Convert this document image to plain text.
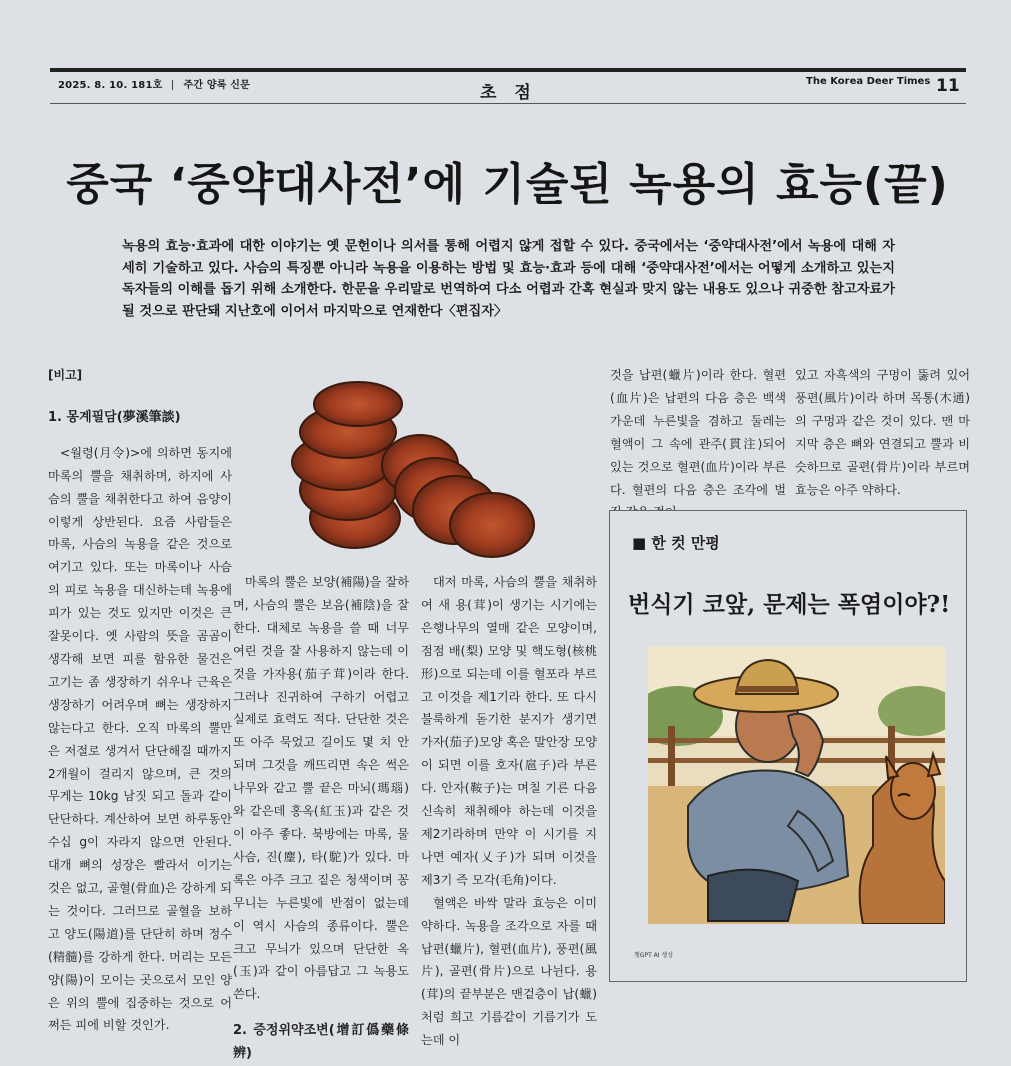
2025. 8. 10. 181호 주간 양록 신문	초 점
The Korea Deer Times 11
중국 ‘중약대사전’에 기술된 녹용의 효능(끝)
녹용의 효능·효과에 대한 이야기는 옛 문헌이나 의서를 통해 어렵지 않게 접할 수 있다. 중국에서는 ‘중약대사전’에서 녹용에 대해 자세히 기술하고 있다. 사슴의 특징뿐 아니라 녹용을 이용하는 방법 및 효능·효과 등에 대해 ‘중약대사전’에서는 어떻게 소개하고 있는지 독자들의 이해를 돕기 위해 소개한다. 한문을 우리말로 번역하여 다소 어렵과 간혹 현실과 맞지 않는 내용도 있으나 귀중한 참고자료가 될 것으로 판단돼 지난호에 이어서 마지막으로 연재한다〈편집자〉
[비고]
1. 몽계필담(夢溪筆談)

<월령(月令)>에 의하면 동지에 마록의 뿔을 채취하며, 하지에 사슴의 뿔을 채취한다고 하여 음양이 이렇게 상반된다. 요즘 사람들은 마록, 사슴의 녹용을 같은 것으로 여기고 있다. 또는 마록이나 사슴의 피로 녹용을 대신하는데 녹용에 피가 있는 것도 있지만 이것은 큰 잘못이다. 옛 사람의 뜻을 곰곰이 생각해 보면 피를 함유한 물건은 고기는 좀 생장하기 쉬우나 근육은 생장하기 어려우며 뼈는 생장하지 않는다고 한다. 오직 마록의 뿔만은 저절로 생겨서 단단해질 때까지 2개월이 걸리지 않으며, 큰 것의 무게는 10kg 남짓 되고 돌과 같이 단단하다. 계산하여 보면 하루동안 수십 g이 자라지 않으면 안된다. 대개 뼈의 성장은 빨라서 이기는 것은 없고, 골혈(骨血)은 강하게 되는 것이다. 그러므로 골혈을 보하고 양도(陽道)를 단단히 하며 정수(精髓)를 강하게 한다. 머리는 모든 양(陽)이 모이는 곳으로서 모인 양은 위의 뿔에 집중하는 것으로 어쩌든 피에 비할 것인가.

마록의 뿔은 보양(補陽)을 잘하며, 사슴의 뿔은 보음(補陰)을 잘한다. 대체로 녹용을 쓸 때 너무 여린 것을 잘 사용하지 않는데 이것을 가자용(茄子茸)이라 한다. 그러나 진귀하여 구하기 어렵고 실제로 효력도 적다. 단단한 것은 또 아주 묵었고 길이도 몇 치 안되며 그것을 깨뜨리면 속은 썩은 나무와 같고 뿔 끝은 마뇌(瑪瑙)와 같은데 홍옥(紅玉)과 같은 것이 아주 좋다. 북방에는 마록, 물사슴, 진(麈), 타(駝)가 있다. 마록은 아주 크고 짙은 청색이며 꽁무니는 누른빛에 반점이 없는데 이 역시 사슴의 종류이다. 뿔은 크고 무늬가 있으며 단단한 옥(玉)과 같이 아름답고 그 녹용도 쓴다.

2. 증정위약조변(增訂僞藥條辨)

대저 마록, 사슴의 뿔을 채취하여 새 용(茸)이 생기는 시기에는 은행나무의 열매 같은 모양이며, 점점 배(梨) 모양 및 핵도형(核桃形)으로 되는데 이를 혈포라 부르고 이것을 제1기라 한다. 또 다시 불룩하게 돋기한 분지가 생기면 가자(茄子)모양 혹은 말안장 모양이 되면 이를 호자(扈子)라 부른다. 안자(鞍子)는 며칠 기른 다음 신속히 채취해야 하는데 이것을 제2기라하며 만약 이 시기를 지나면 예자(乂子)가 되며 이것을 제3기 즉 모각(毛角)이다.

혈액은 바싹 말라 효능은 이미 약하다. 녹용을 조각으로 자를 때 납편(蠟片), 혈편(血片), 풍편(風片), 골편(骨片)으로 나뉜다. 용(茸)의 끝부분은 맨겉층이 납(蠟)처럼 희고 기름같이 기름기가 도는데 이

것을 납편(蠟片)이라 한다. 혈편(血片)은 납편의 다음 층은 백색 가운데 누른빛을 겸하고 둘레는 혈액이 그 속에 관주(貫注)되어 있는 것으로 혈편(血片)이라 부른다. 혈편의 다음 층은 조각에 벌

있고 자흑색의 구멍이 뚫려 있어 풍편(風片)이라 하며 목통(木通)의 구멍과 같은 것이 있다. 맨 마지막 층은 뼈와 연결되고 뿔과 비슷하므로 골편(骨片)이라 부르며 효능은 아주 약하다.

■ 한 컷 만평
번식기 코앞, 문제는 폭염이야?!
챗GPT AI 생성
